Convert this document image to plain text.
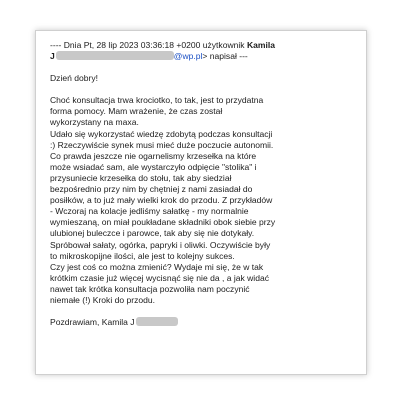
---- Dnia Pt, 28 lip 2023 03:36:18 +0200 użytkownik Kamila
J	@wp.pl> napisał ---

Dzień dobry!

Choć konsultacja trwa krociotko, to tak, jest to przydatna
forma pomocy. Mam wrażenie, że czas został
wykorzystany na maxa.
Udało się wykorzystać wiedzę zdobytą podczas konsultacji
:) Rzeczywiście synek musi mieć duże poczucie autonomii.
Co prawda jeszcze nie ogarnelismy krzesełka na które
może wsiadać sam, ale wystarczyło odpięcie "stolika" i
przysuniecie krzesełka do stołu, tak aby siedział
bezpośrednio przy nim by chętniej z nami zasiadał do
posiłków, a to już mały wielki krok do przodu. Z przykładów
- Wczoraj na kolacje jedliśmy sałatkę - my normalnie
wymieszaną, on miał poukładane składniki obok siebie przy
ulubionej buleczce i parowce, tak aby się nie dotykały.
Spróbował sałaty, ogórka, papryki i oliwki. Oczywiście były
to mikroskopijne ilości, ale jest to kolejny sukces.
Czy jest coś co można zmienić? Wydaje mi się, że w tak
krótkim czasie już więcej wycisnąć się nie da , a jak widać
nawet tak krótka konsultacja pozwoliła nam poczynić
niemałe (!) Kroki do przodu.
Pozdrawiam, Kamila J
